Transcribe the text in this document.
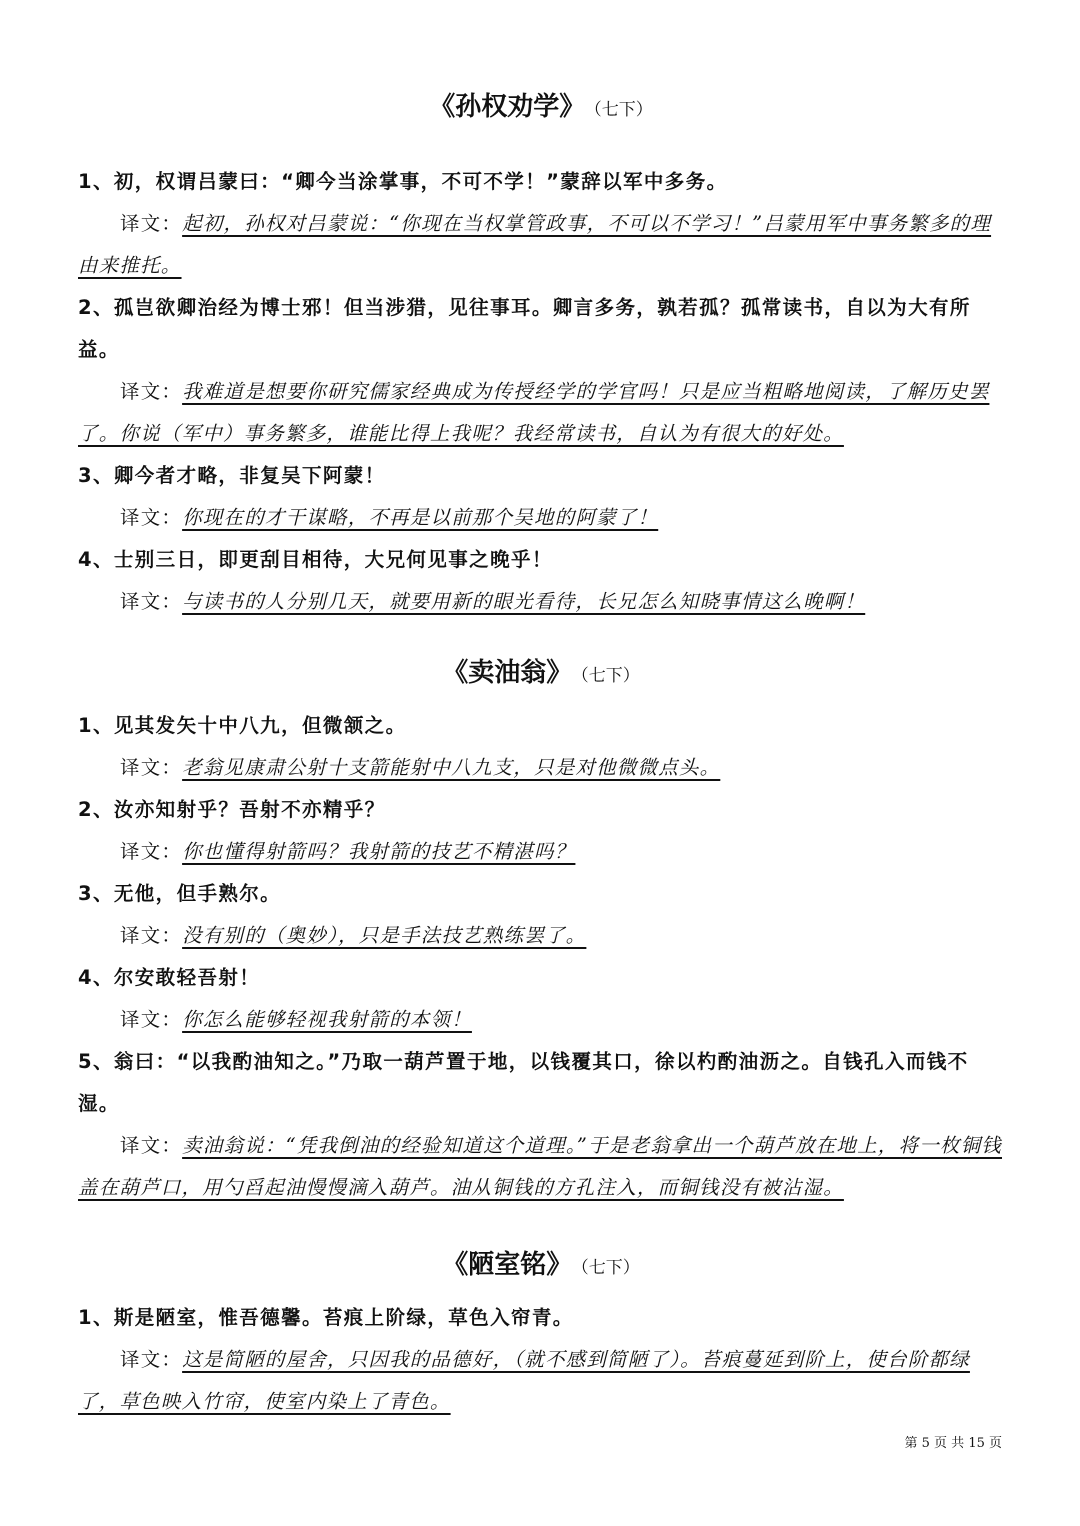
《孙权劝学》 （七下）
1、初，权谓吕蒙曰：“卿今当涂掌事，不可不学！”蒙辞以军中多务。
译文：起初，孙权对吕蒙说：“你现在当权掌管政事，不可以不学习！”吕蒙用军中事务繁多的理由来推托。
2、孤岂欲卿治经为博士邪！但当涉猎，见往事耳。卿言多务，孰若孤？孤常读书，自以为大有所益。
译文：我难道是想要你研究儒家经典成为传授经学的学官吗！只是应当粗略地阅读，了解历史罢了。你说（军中）事务繁多，谁能比得上我呢？我经常读书，自认为有很大的好处。
3、卿今者才略，非复吴下阿蒙！
译文：你现在的才干谋略，不再是以前那个吴地的阿蒙了！
4、士别三日，即更刮目相待，大兄何见事之晚乎！
译文：与读书的人分别几天，就要用新的眼光看待，长兄怎么知晓事情这么晚啊！
《卖油翁》 （七下）
1、见其发矢十中八九，但微颔之。
译文：老翁见康肃公射十支箭能射中八九支，只是对他微微点头。
2、汝亦知射乎？吾射不亦精乎？
译文：你也懂得射箭吗？我射箭的技艺不精湛吗？
3、无他，但手熟尔。
译文：没有别的（奥妙），只是手法技艺熟练罢了。
4、尔安敢轻吾射！
译文：你怎么能够轻视我射箭的本领！
5、翁曰：“以我酌油知之。”乃取一葫芦置于地，以钱覆其口，徐以杓酌油沥之。自钱孔入而钱不湿。
译文：卖油翁说：“凭我倒油的经验知道这个道理。”于是老翁拿出一个葫芦放在地上，将一枚铜钱盖在葫芦口，用勺舀起油慢慢滴入葫芦。油从铜钱的方孔注入，而铜钱没有被沾湿。
《陋室铭》 （七下）
1、斯是陋室，惟吾德馨。苔痕上阶绿，草色入帘青。
译文：这是简陋的屋舍，只因我的品德好，（就不感到简陋了）。苔痕蔓延到阶上，使台阶都绿了，草色映入竹帘，使室内染上了青色。
第 5 页 共 15 页
